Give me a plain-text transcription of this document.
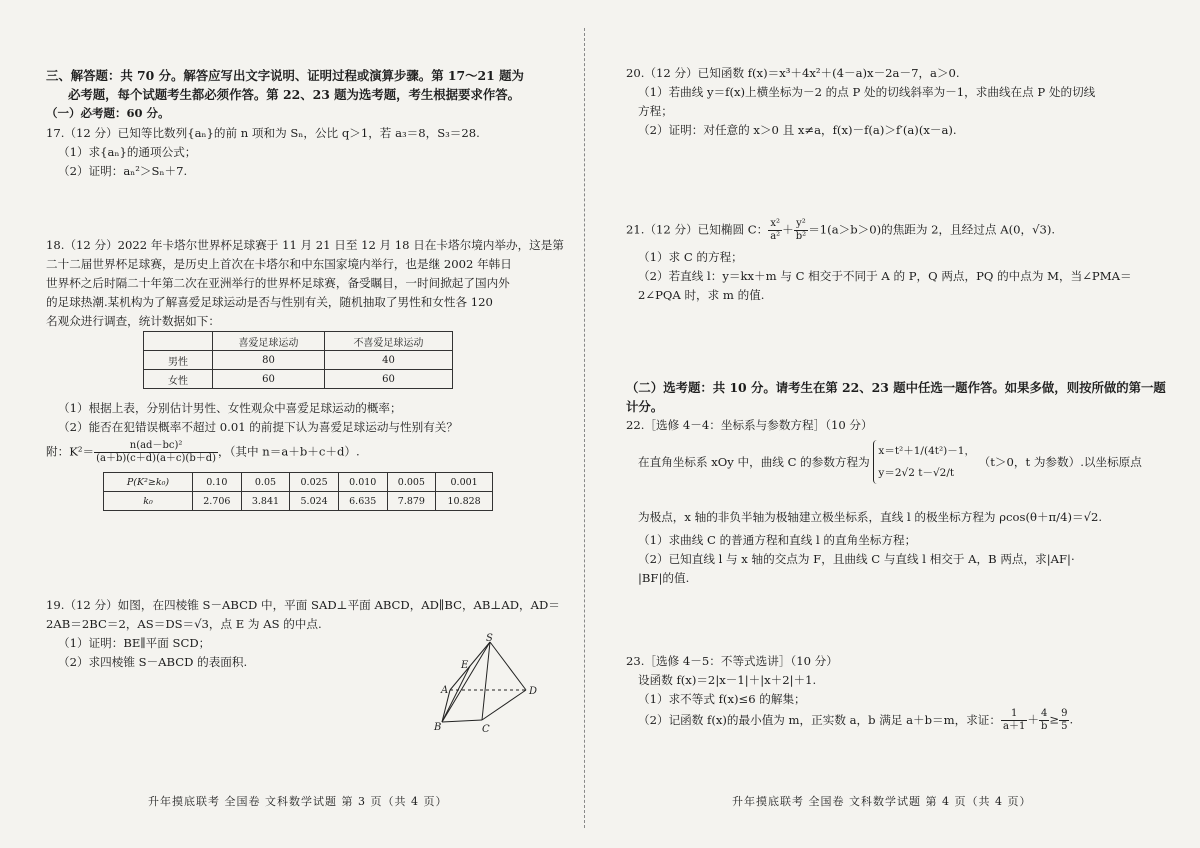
三、解答题：共 70 分。解答应写出文字说明、证明过程或演算步骤。第 17～21 题为
必考题，每个试题考生都必须作答。第 22、23 题为选考题，考生根据要求作答。
（一）必考题：60 分。
17.（12 分）已知等比数列{aₙ}的前 n 项和为 Sₙ，公比 q＞1，若 a₃＝8，S₃＝28.
（1）求{aₙ}的通项公式；
（2）证明：aₙ²＞Sₙ＋7.
18.（12 分）2022 年卡塔尔世界杯足球赛于 11 月 21 日至 12 月 18 日在卡塔尔境内举办，这是第
二十二届世界杯足球赛，是历史上首次在卡塔尔和中东国家境内举行，也是继 2002 年韩日
世界杯之后时隔二十年第二次在亚洲举行的世界杯足球赛，备受瞩目，一时间掀起了国内外
的足球热潮.某机构为了解喜爱足球运动是否与性别有关，随机抽取了男性和女性各 120
名观众进行调查，统计数据如下：
	喜爱足球运动	不喜爱足球运动
男性	80	40
女性	60	60
（1）根据上表，分别估计男性、女性观众中喜爱足球运动的概率；
（2）能否在犯错误概率不超过 0.01 的前提下认为喜爱足球运动与性别有关？
附：$K^2= \frac{\text{n(ad－bc)²}}{(a+b)(c+d)(a+c)(b+d)}$ ，（其中 n＝a＋b＋c＋d）.
P(K²≥k₀)	0.10	0.05	0.025	0.010	0.005	0.001
k₀	2.706	3.841	5.024	6.635	7.879	10.828
19.（12 分）如图，在四棱锥 S－ABCD 中，平面 SAD⊥平面 ABCD，AD∥BC，AB⊥AD，AD＝
2AB＝2BC＝2，AS＝DS＝√3，点 E 为 AS 的中点.
（1）证明：BE∥平面 SCD；
（2）求四棱锥 S－ABCD 的表面积.
S
E
A	D
B	C
升年摸底联考 全国卷 文科数学试题 第 3 页（共 4 页）
20.（12 分）已知函数 f(x)＝x³＋4x²＋(4－a)x－2a－7，a＞0.
（1）若曲线 y＝f(x)上横坐标为－2 的点 P 处的切线斜率为－1，求曲线在点 P 处的切线
方程；
（2）证明：对任意的 x＞0 且 x≠a，f(x)－f(a)＞f′(a)(x－a).
21.（12 分）已知椭圆 C： $\frac{\text{x²}}{\text{a²}} + \frac{\text{y²}}{\text{b²}} =1(a>b>0)$的焦距为 2，且经过点 A(0，√3).
（1）求 C 的方程；
（2）若直线 l：y＝kx＋m 与 C 相交于不同于 A 的 P，Q 两点，PQ 的中点为 M，当∠PMA＝
2∠PQA 时，求 m 的值.
（二）选考题：共 10 分。请考生在第 22、23 题中任选一题作答。如果多做，则按所做的第一题
计分。
22.［选修 4－4：坐标系与参数方程］（10 分）
在直角坐标系 xOy 中，曲线 C 的参数方程为
x＝t²＋1/(4t²)－1，
y＝2√2 t－√2/t
（t＞0，t 为参数）.以坐标原点
为极点，x 轴的非负半轴为极轴建立极坐标系，直线 l 的极坐标方程为 ρcos(θ＋π/4)＝√2.
（1）求曲线 C 的普通方程和直线 l 的直角坐标方程；
（2）已知直线 l 与 x 轴的交点为 F，且曲线 C 与直线 l 相交于 A，B 两点，求|AF|·
|BF|的值.
23.［选修 4－5：不等式选讲］（10 分）
设函数 f(x)＝2|x－1|＋|x＋2|＋1.
（1）求不等式 f(x)≤6 的解集；
（2）记函数 f(x)的最小值为 m，正实数 a，b 满足 a＋b＝m，求证： $\frac{1}{a+1} + \frac{4}{b} \ge \frac{9}{5}$ .
升年摸底联考 全国卷 文科数学试题 第 4 页（共 4 页）
